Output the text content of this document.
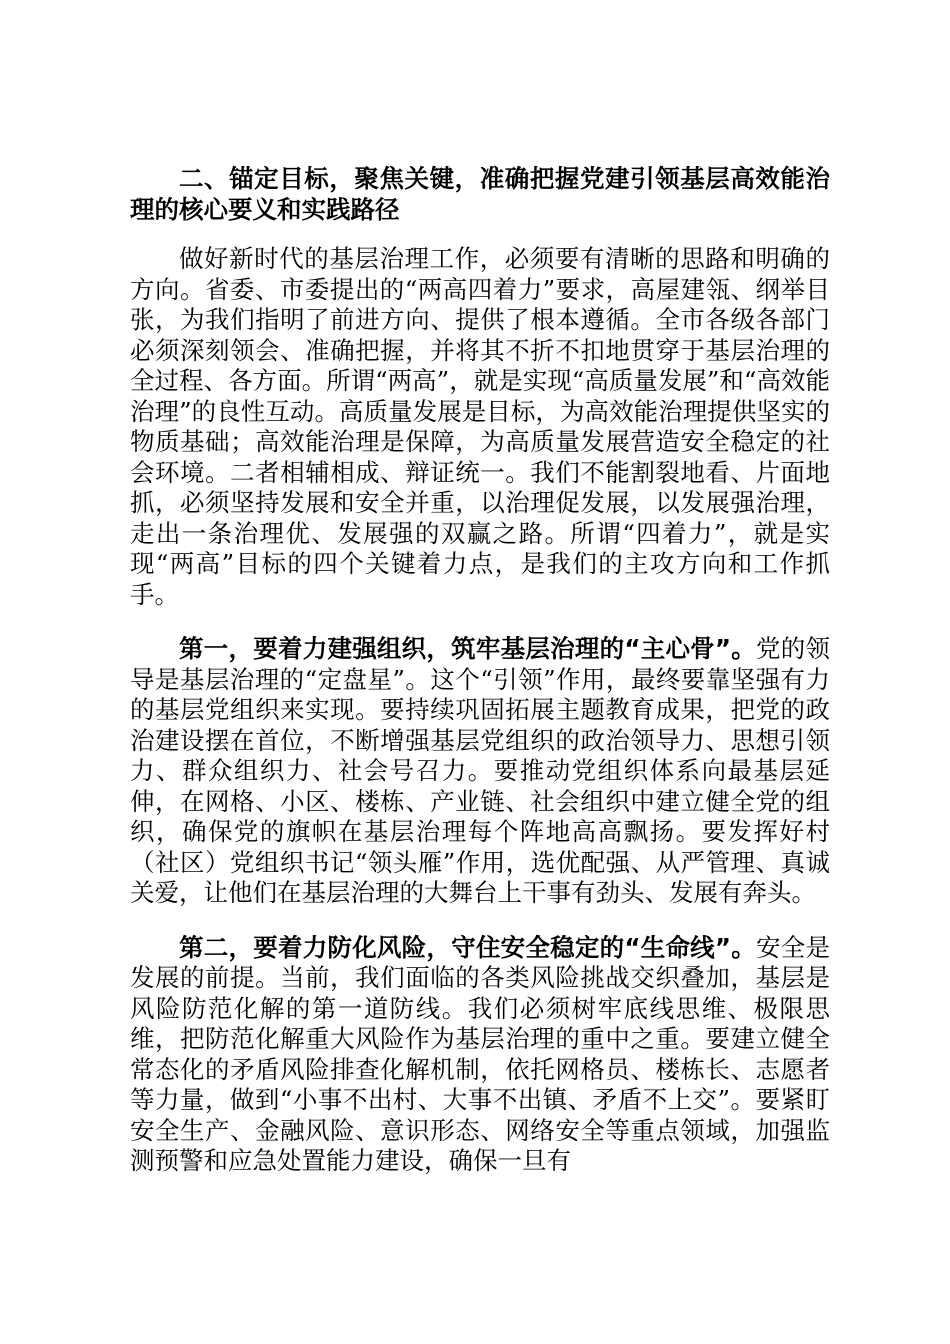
二、锚定目标，聚焦关键，准确把握党建引领基层高效能治理的核心要义和实践路径

做好新时代的基层治理工作，必须要有清晰的思路和明确的方向。省委、市委提出的“两高四着力”要求，高屋建瓴、纲举目张，为我们指明了前进方向、提供了根本遵循。全市各级各部门必须深刻领会、准确把握，并将其不折不扣地贯穿于基层治理的全过程、各方面。所谓“两高”，就是实现“高质量发展”和“高效能治理”的良性互动。高质量发展是目标，为高效能治理提供坚实的物质基础；高效能治理是保障，为高质量发展营造安全稳定的社会环境。二者相辅相成、辩证统一。我们不能割裂地看、片面地抓，必须坚持发展和安全并重，以治理促发展，以发展强治理，走出一条治理优、发展强的双赢之路。所谓“四着力”，就是实现“两高”目标的四个关键着力点，是我们的主攻方向和工作抓手。

第一，要着力建强组织，筑牢基层治理的“主心骨”。党的领导是基层治理的“定盘星”。这个“引领”作用，最终要靠坚强有力的基层党组织来实现。要持续巩固拓展主题教育成果，把党的政治建设摆在首位，不断增强基层党组织的政治领导力、思想引领力、群众组织力、社会号召力。要推动党组织体系向最基层延伸，在网格、小区、楼栋、产业链、社会组织中建立健全党的组织，确保党的旗帜在基层治理每个阵地高高飘扬。要发挥好村（社区）党组织书记“领头雁”作用，选优配强、从严管理、真诚关爱，让他们在基层治理的大舞台上干事有劲头、发展有奔头。

第二，要着力防化风险，守住安全稳定的“生命线”。安全是发展的前提。当前，我们面临的各类风险挑战交织叠加，基层是风险防范化解的第一道防线。我们必须树牢底线思维、极限思维，把防范化解重大风险作为基层治理的重中之重。要建立健全常态化的矛盾风险排查化解机制，依托网格员、楼栋长、志愿者等力量，做到“小事不出村、大事不出镇、矛盾不上交”。要紧盯安全生产、金融风险、意识形态、网络安全等重点领域，加强监测预警和应急处置能力建设，确保一旦有
